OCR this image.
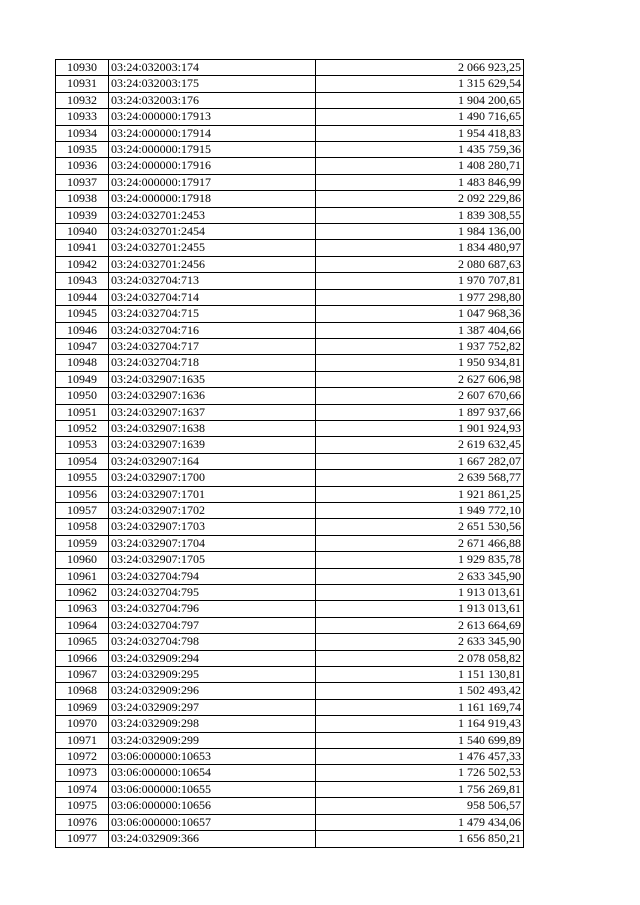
10930	03:24:032003:174	2 066 923,25
10931	03:24:032003:175	1 315 629,54
10932	03:24:032003:176	1 904 200,65
10933	03:24:000000:17913	1 490 716,65
10934	03:24:000000:17914	1 954 418,83
10935	03:24:000000:17915	1 435 759,36
10936	03:24:000000:17916	1 408 280,71
10937	03:24:000000:17917	1 483 846,99
10938	03:24:000000:17918	2 092 229,86
10939	03:24:032701:2453	1 839 308,55
10940	03:24:032701:2454	1 984 136,00
10941	03:24:032701:2455	1 834 480,97
10942	03:24:032701:2456	2 080 687,63
10943	03:24:032704:713	1 970 707,81
10944	03:24:032704:714	1 977 298,80
10945	03:24:032704:715	1 047 968,36
10946	03:24:032704:716	1 387 404,66
10947	03:24:032704:717	1 937 752,82
10948	03:24:032704:718	1 950 934,81
10949	03:24:032907:1635	2 627 606,98
10950	03:24:032907:1636	2 607 670,66
10951	03:24:032907:1637	1 897 937,66
10952	03:24:032907:1638	1 901 924,93
10953	03:24:032907:1639	2 619 632,45
10954	03:24:032907:164	1 667 282,07
10955	03:24:032907:1700	2 639 568,77
10956	03:24:032907:1701	1 921 861,25
10957	03:24:032907:1702	1 949 772,10
10958	03:24:032907:1703	2 651 530,56
10959	03:24:032907:1704	2 671 466,88
10960	03:24:032907:1705	1 929 835,78
10961	03:24:032704:794	2 633 345,90
10962	03:24:032704:795	1 913 013,61
10963	03:24:032704:796	1 913 013,61
10964	03:24:032704:797	2 613 664,69
10965	03:24:032704:798	2 633 345,90
10966	03:24:032909:294	2 078 058,82
10967	03:24:032909:295	1 151 130,81
10968	03:24:032909:296	1 502 493,42
10969	03:24:032909:297	1 161 169,74
10970	03:24:032909:298	1 164 919,43
10971	03:24:032909:299	1 540 699,89
10972	03:06:000000:10653	1 476 457,33
10973	03:06:000000:10654	1 726 502,53
10974	03:06:000000:10655	1 756 269,81
10975	03:06:000000:10656	958 506,57
10976	03:06:000000:10657	1 479 434,06
10977	03:24:032909:366	1 656 850,21
